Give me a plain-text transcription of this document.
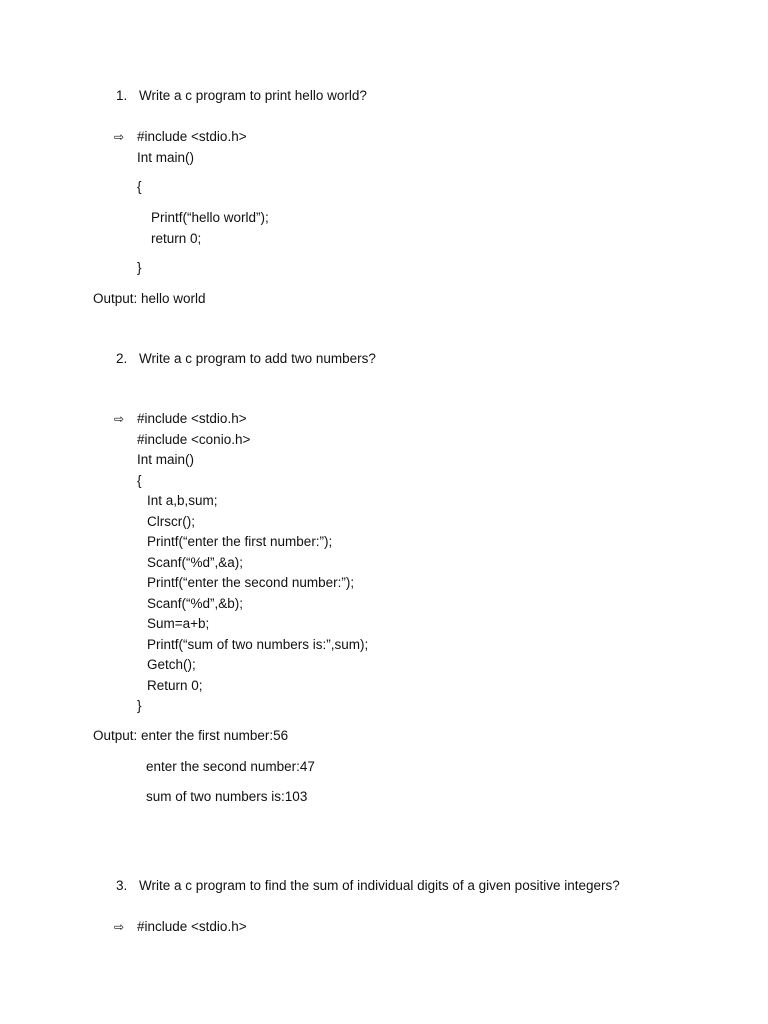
1. Write a c program to print hello world?
⇨ #include <stdio.h>
Int main()
{
Printf(“hello world”);
return 0;
}
Output: hello world
2. Write a c program to add two numbers?
⇨ #include <stdio.h>
#include <conio.h>
Int main()
{
Int a,b,sum;
Clrscr();
Printf(“enter the first number:”);
Scanf(“%d”,&a);
Printf(“enter the second number:”);
Scanf(“%d”,&b);
Sum=a+b;
Printf(“sum of two numbers is:”,sum);
Getch();
Return 0;
}
Output: enter the first number:56
enter the second number:47
sum of two numbers is:103
3. Write a c program to find the sum of individual digits of a given positive integers?
⇨ #include <stdio.h>
